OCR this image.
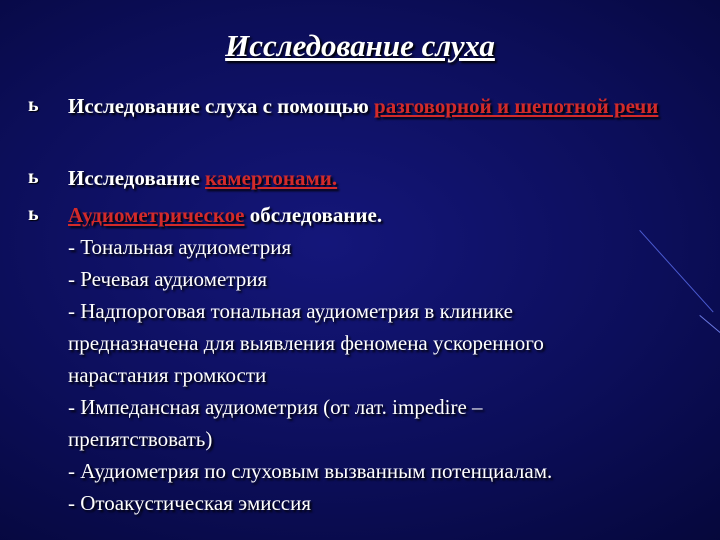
Исследование слуха
ь Исследование слуха с помощью разговорной и шепотной речи
ь Исследование камертонами.
ь Аудиометрическое обследование.
- Тональная аудиометрия
- Речевая аудиометрия
- Надпороговая тональная аудиометрия в клинике
предназначена для выявления феномена ускоренного
нарастания громкости
- Импедансная аудиометрия (от лат. impedire –
препятствовать)
- Аудиометрия по слуховым вызванным потенциалам.
- Отоакустическая эмиссия
